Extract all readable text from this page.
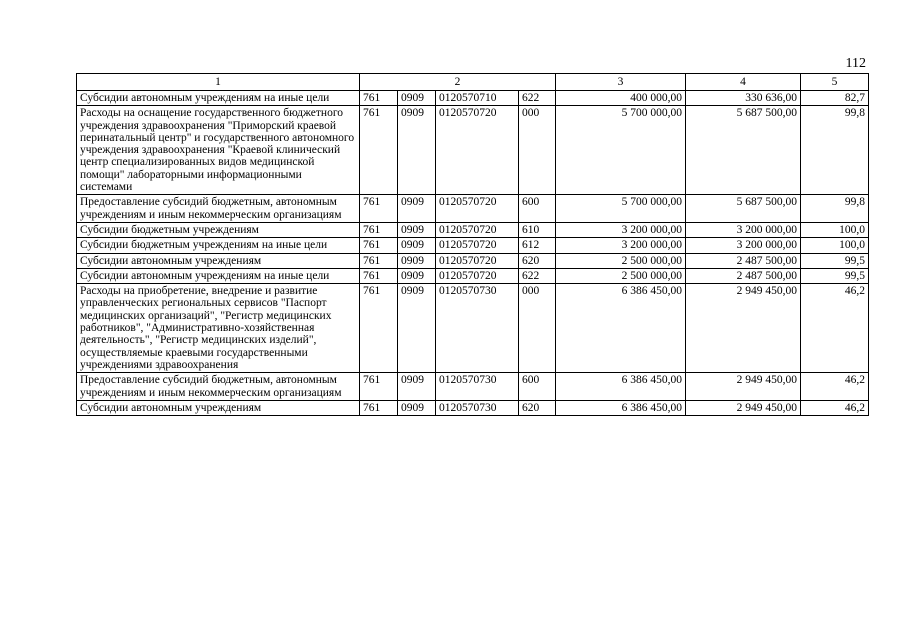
112
1	2				3	4	5
Субсидии автономным учреждениям на иные цели	761	0909	0120570710	622	400 000,00	330 636,00	82,7
Расходы на оснащение государственного бюджетного учреждения здравоохранения "Приморский краевой перинатальный центр" и государственного автономного учреждения здравоохранения "Краевой клинический центр специализированных видов медицинской помощи" лабораторными информационными системами	761	0909	0120570720	000	5 700 000,00	5 687 500,00	99,8
Предоставление субсидий бюджетным, автономным учреждениям и иным некоммерческим организациям	761	0909	0120570720	600	5 700 000,00	5 687 500,00	99,8
Субсидии бюджетным учреждениям	761	0909	0120570720	610	3 200 000,00	3 200 000,00	100,0
Субсидии бюджетным учреждениям на иные цели	761	0909	0120570720	612	3 200 000,00	3 200 000,00	100,0
Субсидии автономным учреждениям	761	0909	0120570720	620	2 500 000,00	2 487 500,00	99,5
Субсидии автономным учреждениям на иные цели	761	0909	0120570720	622	2 500 000,00	2 487 500,00	99,5
Расходы на приобретение, внедрение и развитие управленческих региональных сервисов "Паспорт медицинских организаций", "Регистр медицинских работников", "Административно-хозяйственная деятельность", "Регистр медицинских изделий", осуществляемые краевыми государственными учреждениями здравоохранения	761	0909	0120570730	000	6 386 450,00	2 949 450,00	46,2
Предоставление субсидий бюджетным, автономным учреждениям и иным некоммерческим организациям	761	0909	0120570730	600	6 386 450,00	2 949 450,00	46,2
Субсидии автономным учреждениям	761	0909	0120570730	620	6 386 450,00	2 949 450,00	46,2
